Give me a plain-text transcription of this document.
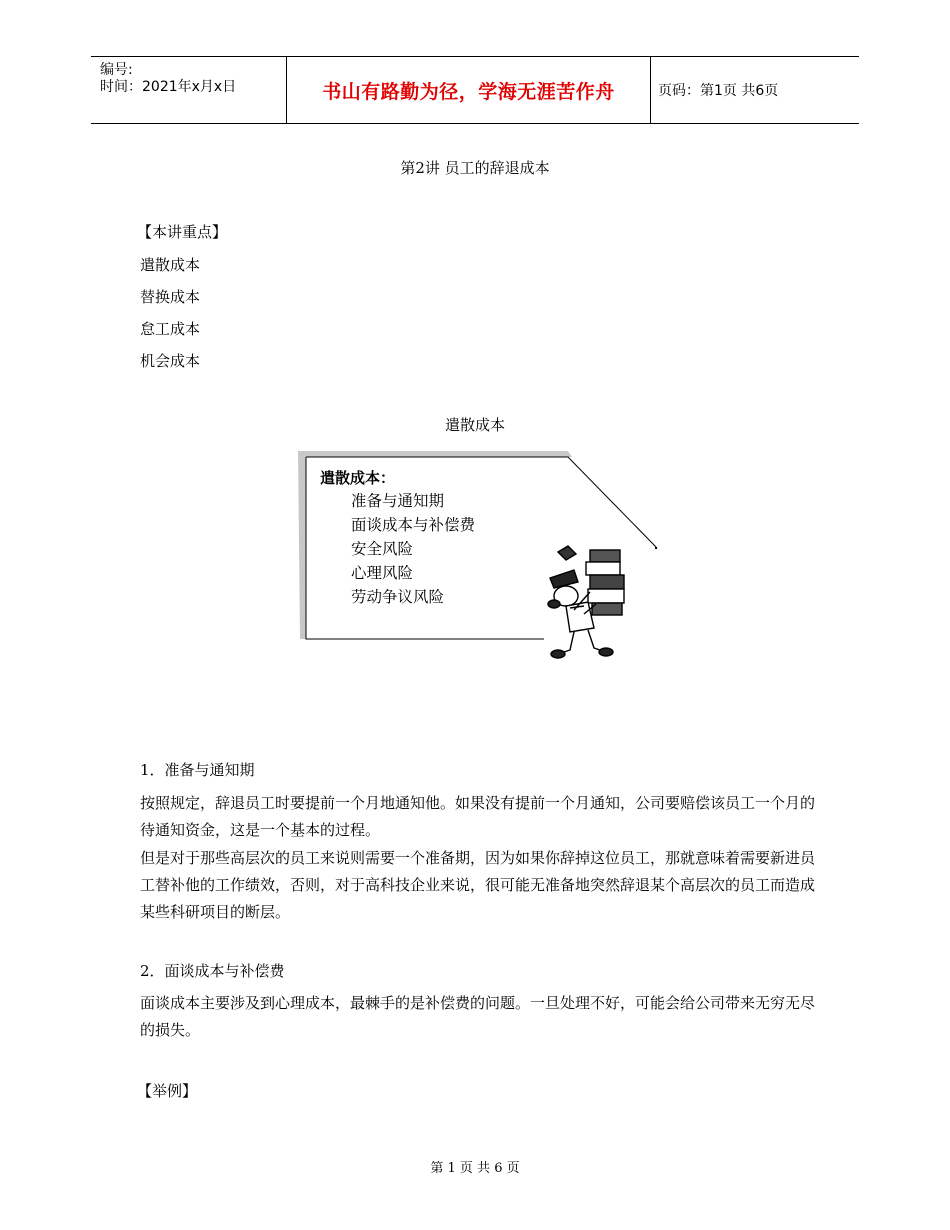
编号:
时间：2021年x月x日	书山有路勤为径，学海无涯苦作舟	页码：第1页 共6页
第2讲 员工的辞退成本
【本讲重点】
遣散成本
替换成本
怠工成本
机会成本
遣散成本
遣散成本：
准备与通知期
面谈成本与补偿费
安全风险
心理风险
劳动争议风险
1．准备与通知期
按照规定，辞退员工时要提前一个月地通知他。如果没有提前一个月通知，公司要赔偿该员工一个月的待通知资金，这是一个基本的过程。
但是对于那些高层次的员工来说则需要一个准备期，因为如果你辞掉这位员工，那就意味着需要新进员工替补他的工作绩效，否则，对于高科技企业来说，很可能无准备地突然辞退某个高层次的员工而造成某些科研项目的断层。
2．面谈成本与补偿费
面谈成本主要涉及到心理成本，最棘手的是补偿费的问题。一旦处理不好，可能会给公司带来无穷无尽的损失。
【举例】
第 1 页 共 6 页
